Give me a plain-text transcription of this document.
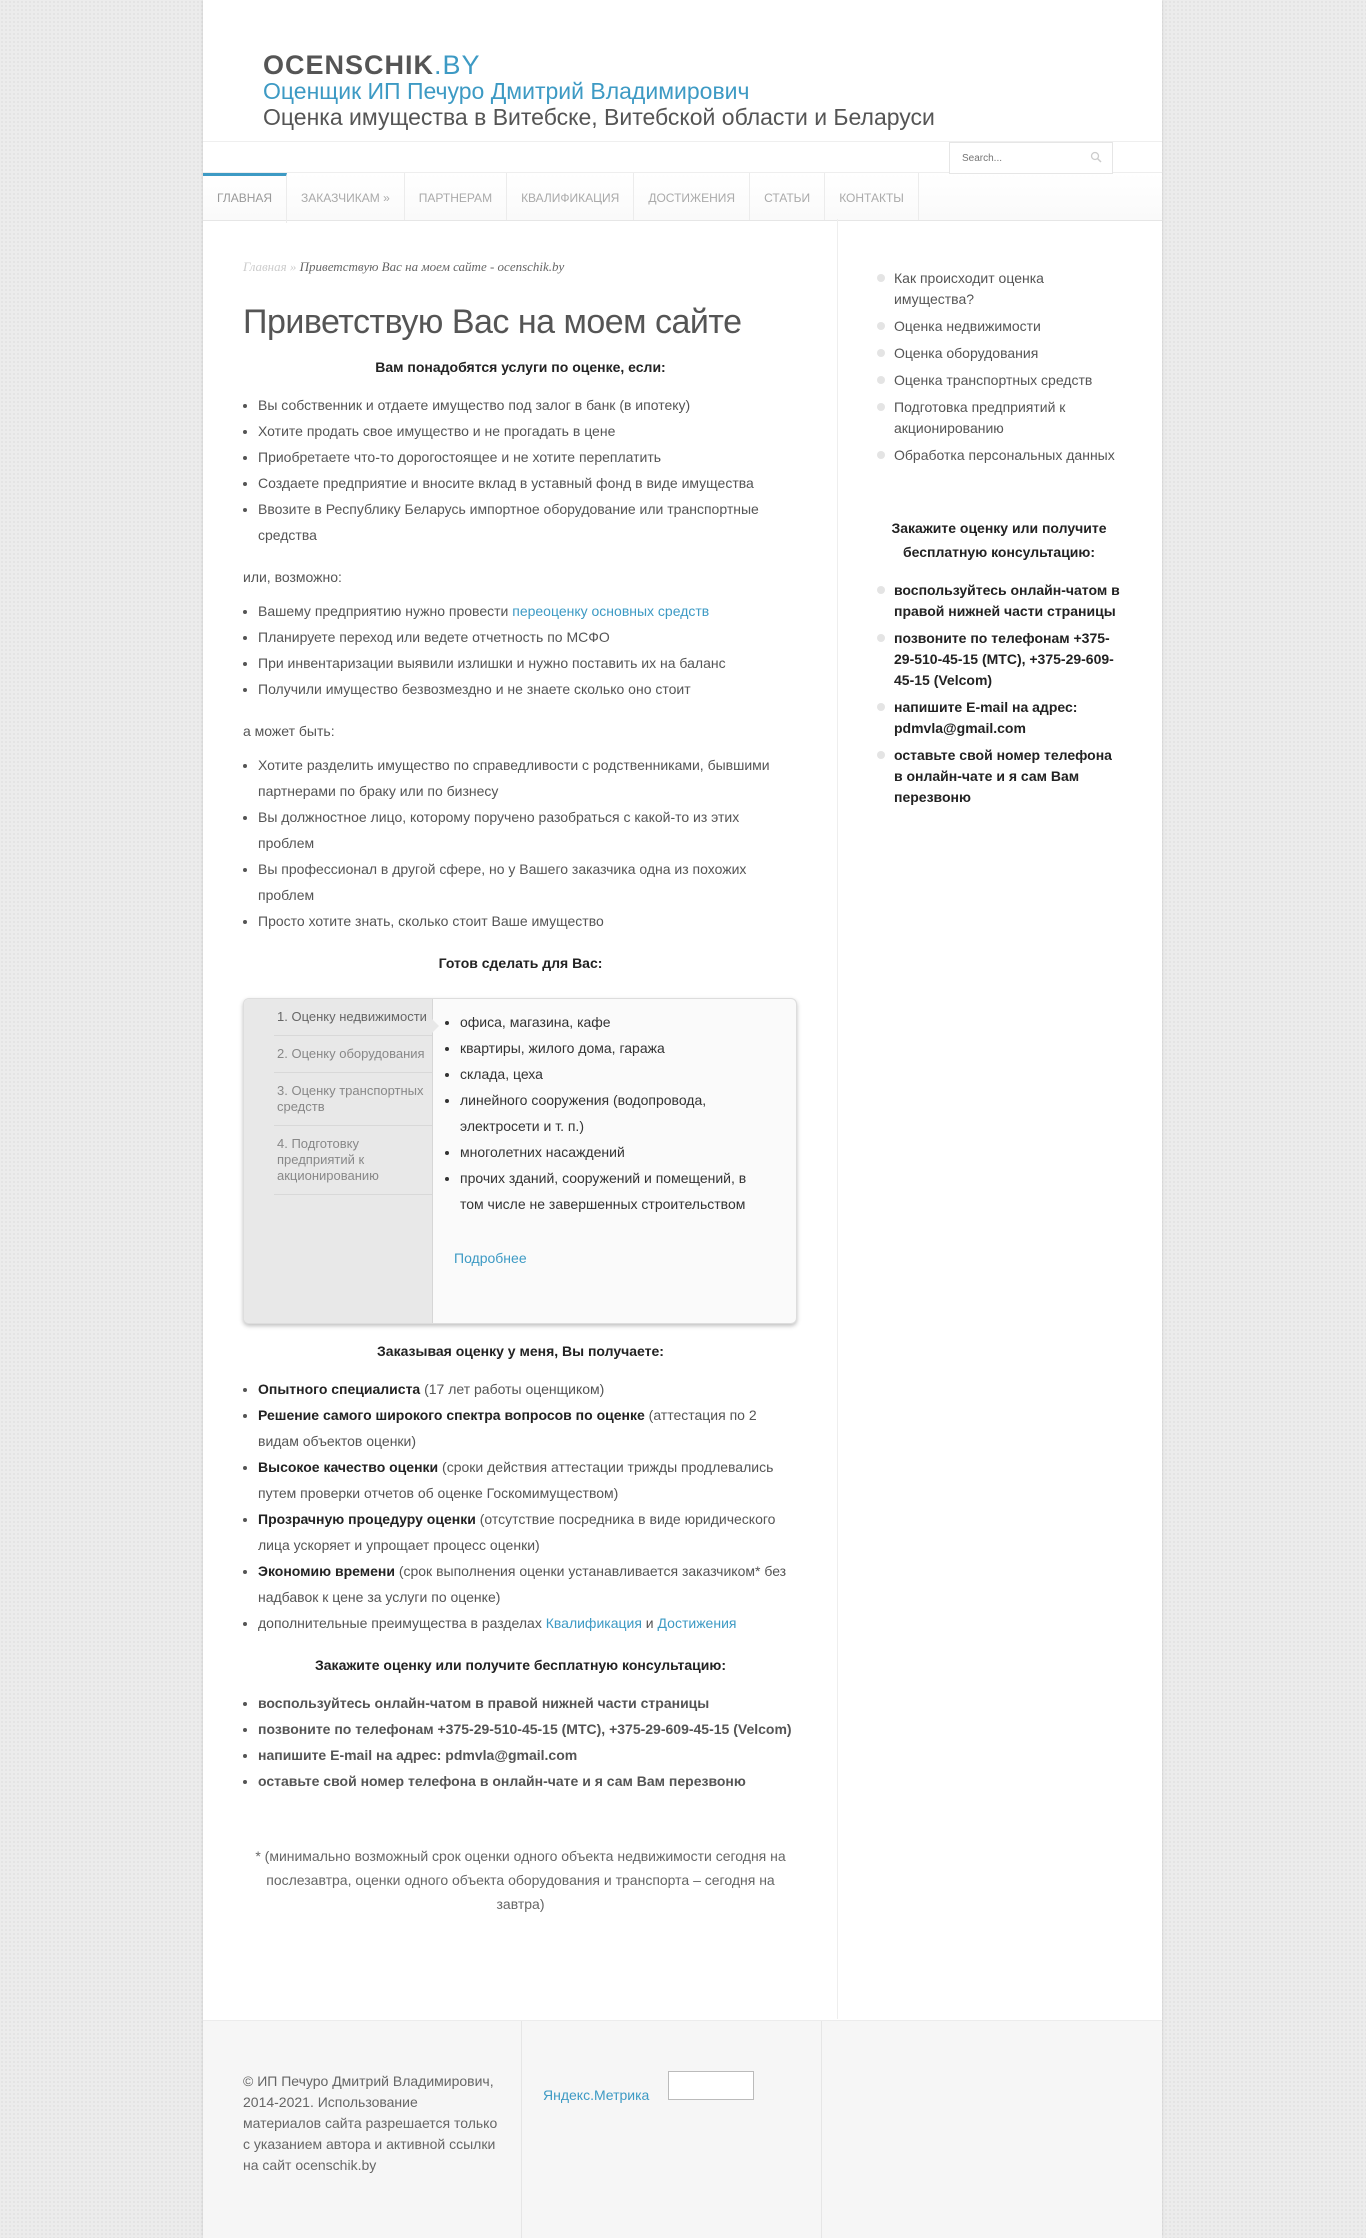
OCENSCHIK.BY
Оценщик ИП Печуро Дмитрий Владимирович
Оценка имущества в Витебске, Витебской области и Беларуси
ГЛАВНАЯ	ЗАКАЗЧИКАМ »	ПАРТНЕРАМ	КВАЛИФИКАЦИЯ	ДОСТИЖЕНИЯ	СТАТЬИ	КОНТАКТЫ
Search...
Главная » Приветствую Вас на моем сайте - ocenschik.by
Приветствую Вас на моем сайте
Вам понадобятся услуги по оценке, если:
• Вы собственник и отдаете имущество под залог в банк (в ипотеку)
• Хотите продать свое имущество и не прогадать в цене
• Приобретаете что-то дорогостоящее и не хотите переплатить
• Создаете предприятие и вносите вклад в уставный фонд в виде имущества
• Ввозите в Республику Беларусь импортное оборудование или транспортные средства

или, возможно:

• Вашему предприятию нужно провести переоценку основных средств
• Планируете переход или ведете отчетность по МСФО
• При инвентаризации выявили излишки и нужно поставить их на баланс
• Получили имущество безвозмездно и не знаете сколько оно стоит

а может быть:

• Хотите разделить имущество по справедливости с родственниками, бывшими партнерами по браку или по бизнесу
• Вы должностное лицо, которому поручено разобраться с какой-то из этих проблем
• Вы профессионал в другой сфере, но у Вашего заказчика одна из похожих проблем
• Просто хотите знать, сколько стоит Ваше имущество
Готов сделать для Вас:
1. Оценку недвижимости
2. Оценку оборудования
3. Оценку транспортных средств
4. Подготовку предприятий к акционированию
• офиса, магазина, кафе
• квартиры, жилого дома, гаража
• склада, цеха
• линейного сооружения (водопровода, электросети и т. п.)
• многолетних насаждений
• прочих зданий, сооружений и помещений, в том числе не завершенных строительством
Подробнее
Заказывая оценку у меня, Вы получаете:
• Опытного специалиста (17 лет работы оценщиком)
• Решение самого широкого спектра вопросов по оценке (аттестация по 2 видам объектов оценки)
• Высокое качество оценки (сроки действия аттестации трижды продлевались путем проверки отчетов об оценке Госкомимуществом)
• Прозрачную процедуру оценки (отсутствие посредника в виде юридического лица ускоряет и упрощает процесс оценки)
• Экономию времени (срок выполнения оценки устанавливается заказчиком* без надбавок к цене за услуги по оценке)
• дополнительные преимущества в разделах Квалификация и Достижения
Закажите оценку или получите бесплатную консультацию:
• воспользуйтесь онлайн-чатом в правой нижней части страницы
• позвоните по телефонам +375-29-510-45-15 (МТС), +375-29-609-45-15 (Velcom)
• напишите E-mail на адрес: pdmvla@gmail.com
• оставьте свой номер телефона в онлайн-чате и я сам Вам перезвоню
* (минимально возможный срок оценки одного объекта недвижимости сегодня на послезавтра, оценки одного объекта оборудования и транспорта – сегодня на завтра)
Как происходит оценка имущества?
Оценка недвижимости
Оценка оборудования
Оценка транспортных средств
Подготовка предприятий к акционированию
Обработка персональных данных
Закажите оценку или получите бесплатную консультацию:
воспользуйтесь онлайн-чатом в правой нижней части страницы
позвоните по телефонам +375-29-510-45-15 (МТС), +375-29-609-45-15 (Velcom)
напишите E-mail на адрес: pdmvla@gmail.com
оставьте свой номер телефона в онлайн-чате и я сам Вам перезвоню
© ИП Печуро Дмитрий Владимирович, 2014-2021. Использование материалов сайта разрешается только с указанием автора и активной ссылки на сайт ocenschik.by
Яндекс.Метрика
